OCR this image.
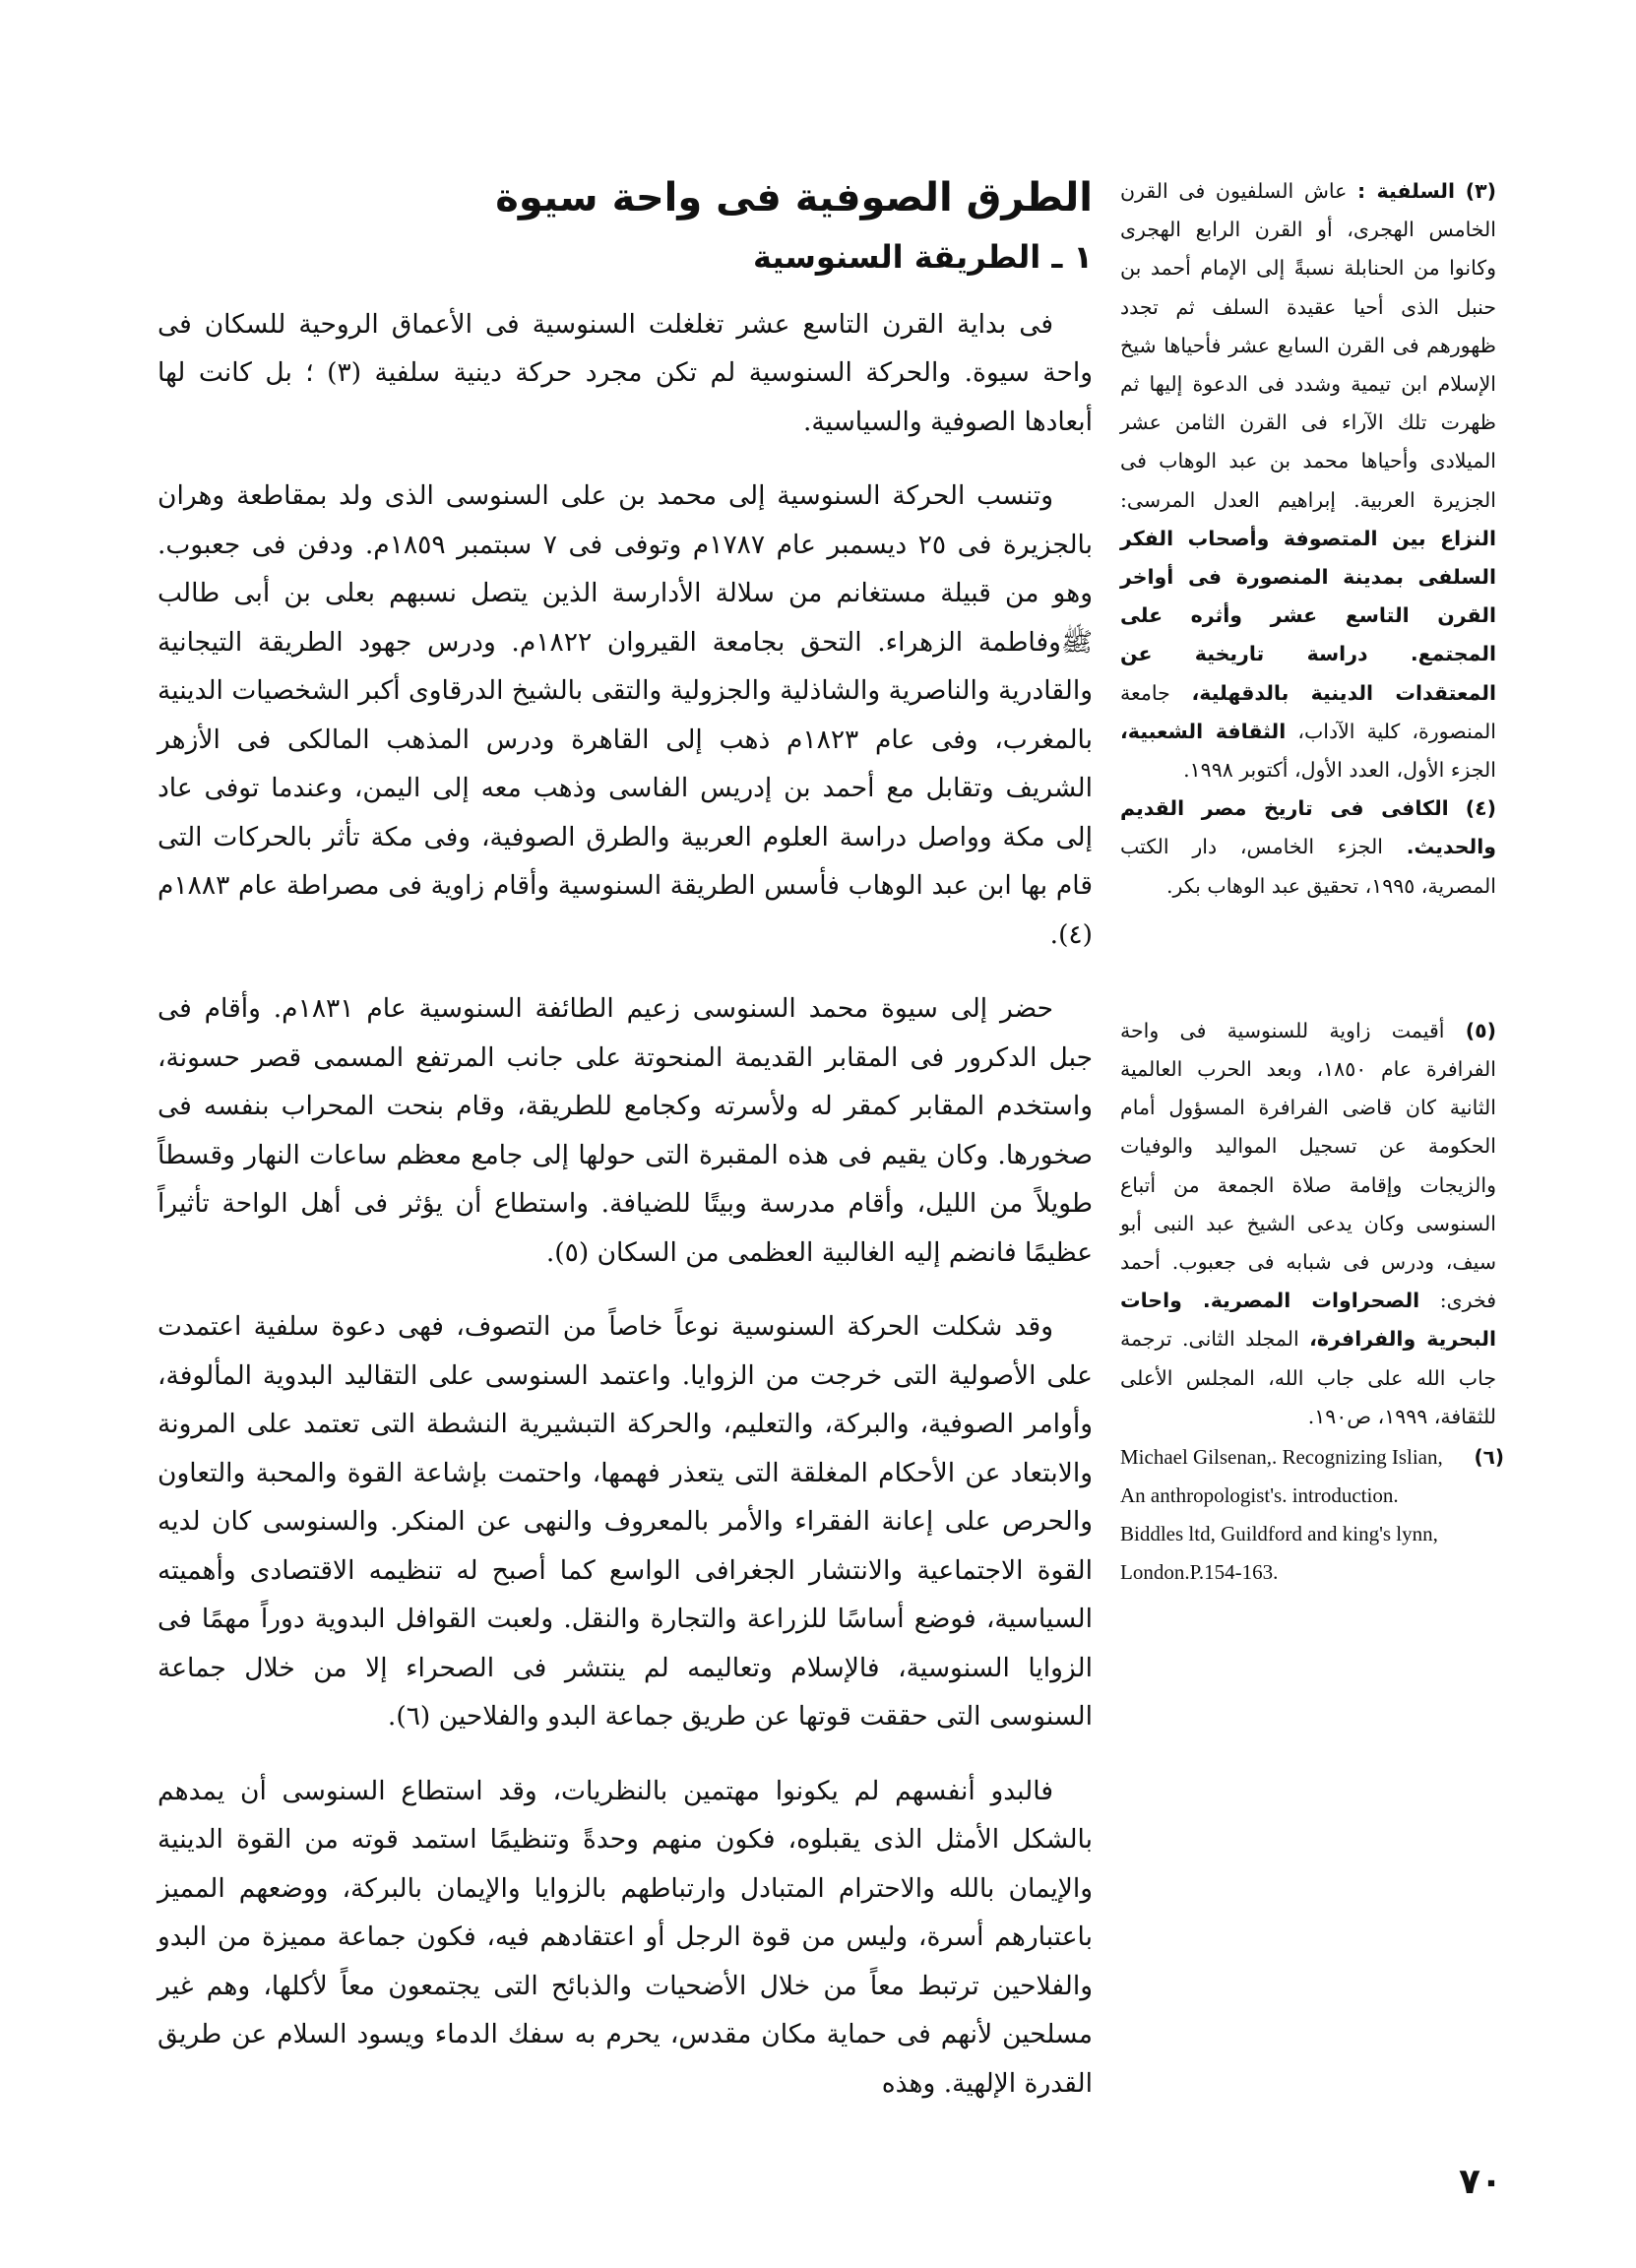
الطرق الصوفية فى واحة سيوة
١ ـ الطريقة السنوسية

فى بداية القرن التاسع عشر تغلغلت السنوسية فى الأعماق الروحية للسكان فى واحة سيوة. والحركة السنوسية لم تكن مجرد حركة دينية سلفية (٣) ؛ بل كانت لها أبعادها الصوفية والسياسية.

وتنسب الحركة السنوسية إلى محمد بن على السنوسى الذى ولد بمقاطعة وهران بالجزيرة فى ٢٥ ديسمبر عام ١٧٨٧م وتوفى فى ٧ سبتمبر ١٨٥٩م. ودفن فى جعبوب. وهو من قبيلة مستغانم من سلالة الأدارسة الذين يتصل نسبهم بعلى بن أبى طالب ﷺوفاطمة الزهراء. التحق بجامعة القيروان ١٨٢٢م. ودرس جهود الطريقة التيجانية والقادرية والناصرية والشاذلية والجزولية والتقى بالشيخ الدرقاوى أكبر الشخصيات الدينية بالمغرب، وفى عام ١٨٢٣م ذهب إلى القاهرة ودرس المذهب المالكى فى الأزهر الشريف وتقابل مع أحمد بن إدريس الفاسى وذهب معه إلى اليمن، وعندما توفى عاد إلى مكة وواصل دراسة العلوم العربية والطرق الصوفية، وفى مكة تأثر بالحركات التى قام بها ابن عبد الوهاب فأسس الطريقة السنوسية وأقام زاوية فى مصراطة عام ١٨٨٣م (٤).

حضر إلى سيوة محمد السنوسى زعيم الطائفة السنوسية عام ١٨٣١م. وأقام فى جبل الدكرور فى المقابر القديمة المنحوتة على جانب المرتفع المسمى قصر حسونة، واستخدم المقابر كمقر له ولأسرته وكجامع للطريقة، وقام بنحت المحراب بنفسه فى صخورها. وكان يقيم فى هذه المقبرة التى حولها إلى جامع معظم ساعات النهار وقسطاً طويلاً من الليل، وأقام مدرسة وبيتًا للضيافة. واستطاع أن يؤثر فى أهل الواحة تأثيراً عظيمًا فانضم إليه الغالبية العظمى من السكان (٥).

وقد شكلت الحركة السنوسية نوعاً خاصاً من التصوف، فهى دعوة سلفية اعتمدت على الأصولية التى خرجت من الزوايا. واعتمد السنوسى على التقاليد البدوية المألوفة، وأوامر الصوفية، والبركة، والتعليم، والحركة التبشيرية النشطة التى تعتمد على المرونة والابتعاد عن الأحكام المغلقة التى يتعذر فهمها، واحتمت بإشاعة القوة والمحبة والتعاون والحرص على إعانة الفقراء والأمر بالمعروف والنهى عن المنكر. والسنوسى كان لديه القوة الاجتماعية والانتشار الجغرافى الواسع كما أصبح له تنظيمه الاقتصادى وأهميته السياسية، فوضع أساسًا للزراعة والتجارة والنقل. ولعبت القوافل البدوية دوراً مهمًا فى الزوايا السنوسية، فالإسلام وتعاليمه لم ينتشر فى الصحراء إلا من خلال جماعة السنوسى التى حققت قوتها عن طريق جماعة البدو والفلاحين (٦).

فالبدو أنفسهم لم يكونوا مهتمين بالنظريات، وقد استطاع السنوسى أن يمدهم بالشكل الأمثل الذى يقبلوه، فكون منهم وحدةً وتنظيمًا استمد قوته من القوة الدينية والإيمان بالله والاحترام المتبادل وارتباطهم بالزوايا والإيمان بالبركة، ووضعهم المميز باعتبارهم أسرة، وليس من قوة الرجل أو اعتقادهم فيه، فكون جماعة مميزة من البدو والفلاحين ترتبط معاً من خلال الأضحيات والذبائح التى يجتمعون معاً لأكلها، وهم غير مسلحين لأنهم فى حماية مكان مقدس، يحرم به سفك الدماء ويسود السلام عن طريق القدرة الإلهية. وهذه

(٣) السلفية : عاش السلفيون فى القرن الخامس الهجرى، أو القرن الرابع الهجرى وكانوا من الحنابلة نسبةً إلى الإمام أحمد بن حنبل الذى أحيا عقيدة السلف ثم تجدد ظهورهم فى القرن السابع عشر فأحياها شيخ الإسلام ابن تيمية وشدد فى الدعوة إليها ثم ظهرت تلك الآراء فى القرن الثامن عشر الميلادى وأحياها محمد بن عبد الوهاب فى الجزيرة العربية. إبراهيم العدل المرسى: النزاع بين المتصوفة وأصحاب الفكر السلفى بمدينة المنصورة فى أواخر القرن التاسع عشر وأثره على المجتمع. دراسة تاريخية عن المعتقدات الدينية بالدقهلية، جامعة المنصورة، كلية الآداب، الثقافة الشعبية، الجزء الأول، العدد الأول، أكتوبر ١٩٩٨.

(٤) الكافى فى تاريخ مصر القديم والحديث. الجزء الخامس، دار الكتب المصرية، ١٩٩٥، تحقيق عبد الوهاب بكر.

(٥) أقيمت زاوية للسنوسية فى واحة الفرافرة عام ١٨٥٠، وبعد الحرب العالمية الثانية كان قاضى الفرافرة المسؤول أمام الحكومة عن تسجيل المواليد والوفيات والزيجات وإقامة صلاة الجمعة من أتباع السنوسى وكان يدعى الشيخ عبد النبى أبو سيف، ودرس فى شبابه فى جعبوب. أحمد فخرى: الصحراوات المصرية. واحات البحرية والفرافرة، المجلد الثانى. ترجمة جاب الله على جاب الله، المجلس الأعلى للثقافة، ١٩٩٩، ص١٩٠.

(٦)
Michael Gilsenan,. Recognizing Islian, An anthropologist's. introduction. Biddles ltd, Guildford and king's lynn, London.P.154-163.
٧٠
